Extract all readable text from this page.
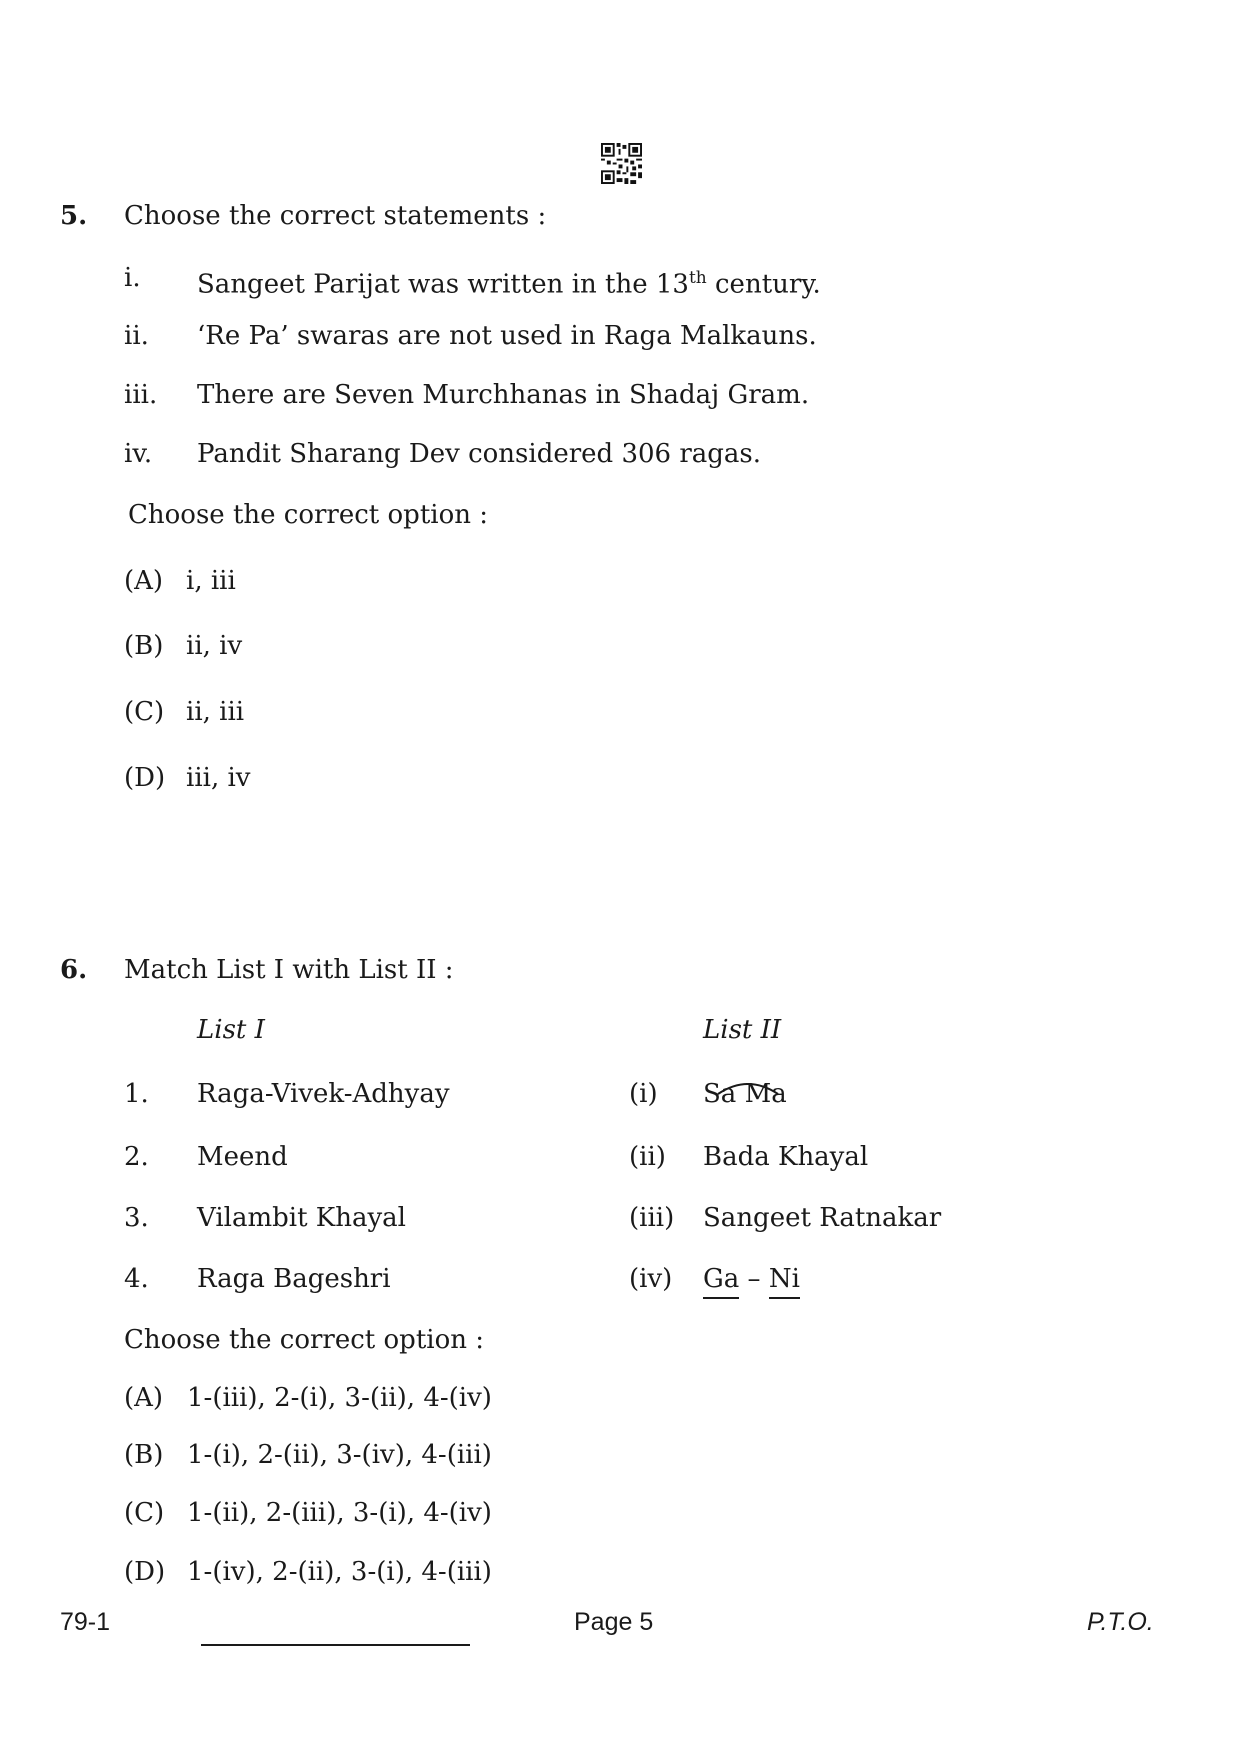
5. Choose the correct statements :
i. Sangeet Parijat was written in the 13th century.
ii. ‘Re Pa’ swaras are not used in Raga Malkauns.
iii. There are Seven Murchhanas in Shadaj Gram.
iv. Pandit Sharang Dev considered 306 ragas.
Choose the correct option :
(A) i, iii
(B) ii, iv
(C) ii, iii
(D) iii, iv
6. Match List I with List II :
List I	List II
1. Raga-Vivek-Adhyay	(i) Sa Ma
2. Meend	(ii) Bada Khayal
3. Vilambit Khayal	(iii) Sangeet Ratnakar
4. Raga Bageshri	(iv) Ga – Ni
Choose the correct option :
(A) 1-(iii), 2-(i), 3-(ii), 4-(iv)
(B) 1-(i), 2-(ii), 3-(iv), 4-(iii)
(C) 1-(ii), 2-(iii), 3-(i), 4-(iv)
(D) 1-(iv), 2-(ii), 3-(i), 4-(iii)
79-1	Page 5	P.T.O.
